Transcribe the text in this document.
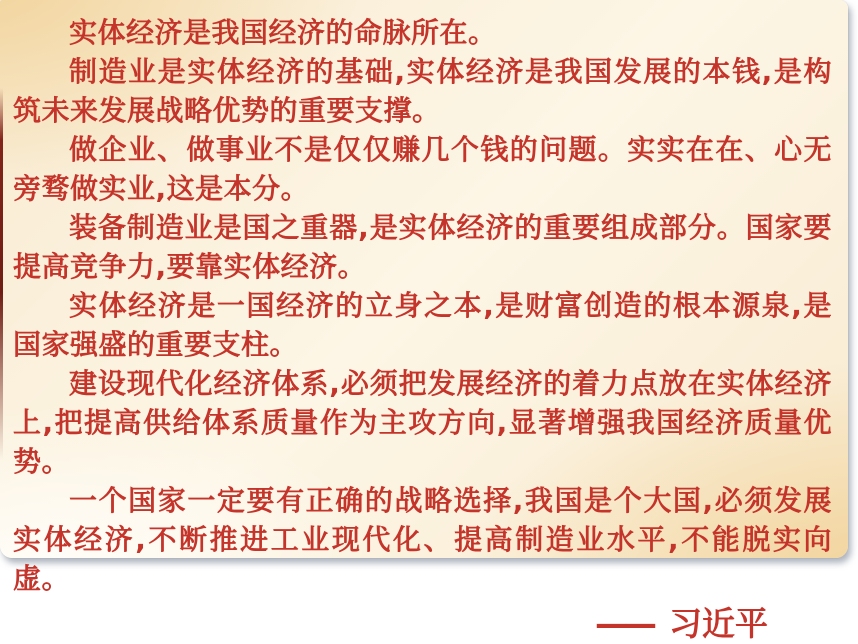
实体经济是我国经济的命脉所在。

制造业是实体经济的基础,实体经济是我国发展的本钱,是构筑未来发展战略优势的重要支撑。

做企业、做事业不是仅仅赚几个钱的问题。实实在在、心无旁骛做实业,这是本分。

装备制造业是国之重器,是实体经济的重要组成部分。国家要提高竞争力,要靠实体经济。

实体经济是一国经济的立身之本,是财富创造的根本源泉,是国家强盛的重要支柱。

建设现代化经济体系,必须把发展经济的着力点放在实体经济上,把提高供给体系质量作为主攻方向,显著增强我国经济质量优势。

一个国家一定要有正确的战略选择,我国是个大国,必须发展实体经济,不断推进工业现代化、提高制造业水平,不能脱实向虚。

—— 习近平
